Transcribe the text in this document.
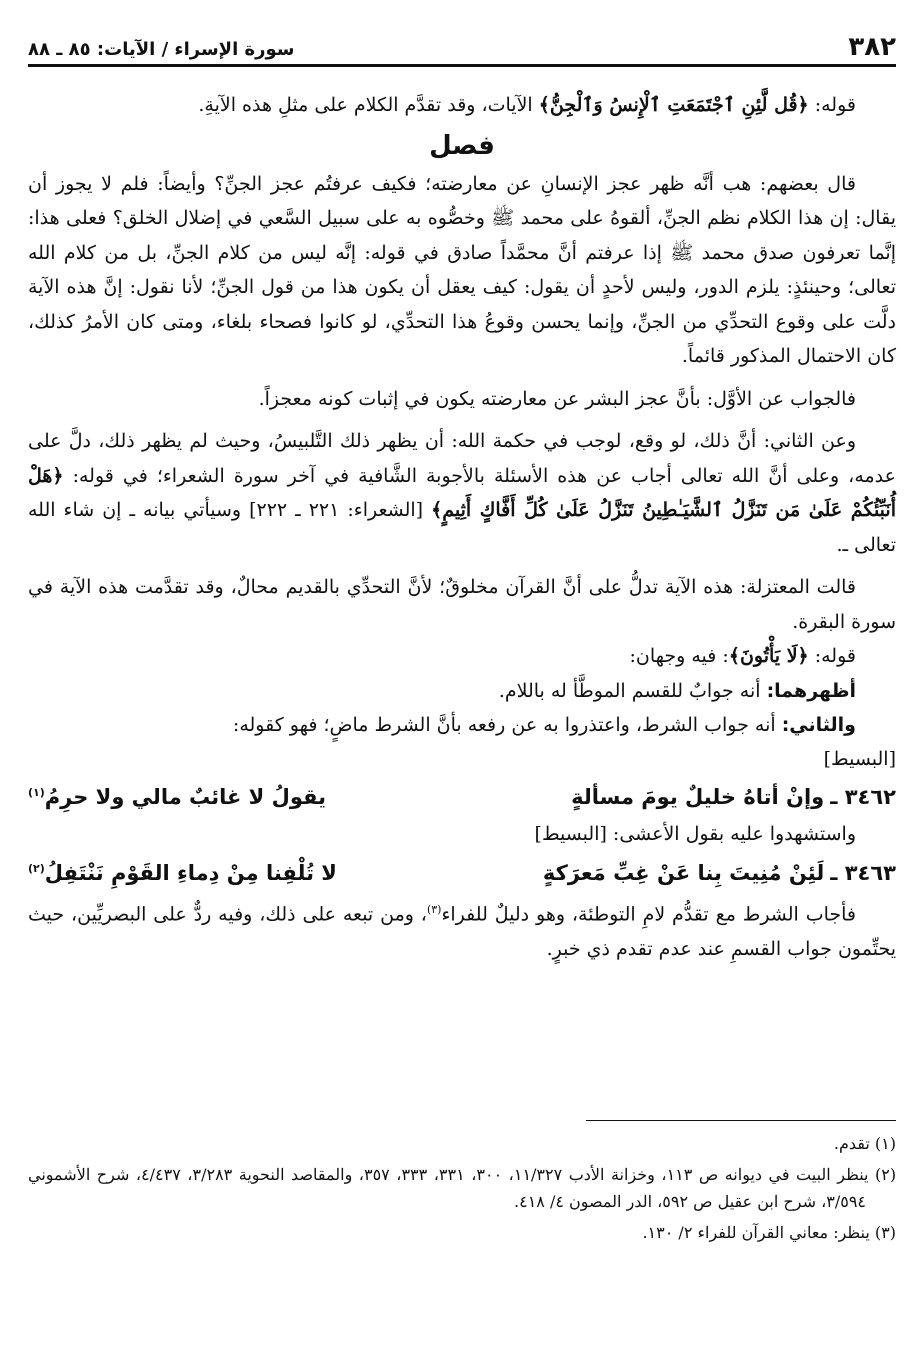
٣٨٢
سورة الإسراء / الآيات: ٨٥ ـ ٨٨

قوله: ﴿قُل لَّئِنِ ٱجْتَمَعَتِ ٱلْإِنسُ وَٱلْجِنُّ﴾ الآيات، وقد تقدَّم الكلام على مثلِ هذه الآيةِ.

فصل

قال بعضهم: هب أنَّه ظهر عجز الإنسانِ عن معارضته؛ فكيف عرفتُم عجز الجنِّ؟ وأيضاً: فلم لا يجوز أن يقال: إن هذا الكلام نظم الجنِّ، ألقوهُ على محمد ﷺ وخصُّوه به على سبيل السَّعي في إضلال الخلق؟ فعلى هذا: إنَّما تعرفون صدق محمد ﷺ إذا عرفتم أنَّ محمَّداً صادق في قوله: إنَّه ليس من كلام الجنِّ، بل من كلام الله تعالى؛ وحينئذٍ: يلزم الدور، وليس لأحدٍ أن يقول: كيف يعقل أن يكون هذا من قول الجنِّ؛ لأنا نقول: إنَّ هذه الآية دلَّت على وقوع التحدِّي من الجنِّ، وإنما يحسن وقوعُ هذا التحدِّي، لو كانوا فصحاء بلغاء، ومتى كان الأمرُ كذلك، كان الاحتمال المذكور قائماً.

فالجواب عن الأوَّل: بأنَّ عجز البشر عن معارضته يكون في إثبات كونه معجزاً.

وعن الثاني: أنَّ ذلك، لو وقع، لوجب في حكمة الله: أن يظهر ذلك التَّلبيسُ، وحيث لم يظهر ذلك، دلَّ على عدمه، وعلى أنَّ الله تعالى أجاب عن هذه الأسئلة بالأجوبة الشَّافية في آخر سورة الشعراء؛ في قوله: ﴿هَلْ أُنَبِّئُكُمْ عَلَىٰ مَن تَنَزَّلُ ٱلشَّيَـٰطِينُ تَنَزَّلُ عَلَىٰ كُلِّ أَفَّاكٍ أَثِيمٍ﴾ [الشعراء: ٢٢١ ـ ٢٢٢] وسيأتي بيانه ـ إن شاء الله تعالى ـ.

قالت المعتزلة: هذه الآية تدلُّ على أنَّ القرآن مخلوقٌ؛ لأنَّ التحدِّي بالقديم محالٌ، وقد تقدَّمت هذه الآية في سورة البقرة.

قوله: ﴿لَا يَأْتُونَ﴾: فيه وجهان:

أظهرهما: أنه جوابٌ للقسم الموطَّأ له باللام.

والثاني: أنه جواب الشرط، واعتذروا به عن رفعه بأنَّ الشرط ماضٍ؛ فهو كقوله:

[البسيط]
٣٤٦٢ ـ
وإنْ أتاهُ خليلٌ يومَ مسألةٍ
يقولُ لا غائبٌ مالي ولا حرِمُ$^{(١)}$

واستشهدوا عليه بقول الأعشى: [البسيط]

٣٤٦٣ ـ
لَئِنْ مُنِيتَ بِنا عَنْ غِبِّ مَعرَكةٍ
لا تُلْفِنا مِنْ دِماءِ القَوْمِ نَنْتَفِلُ$^{(٢)}$

فأجاب الشرط مع تقدُّم لامِ التوطئة، وهو دليلٌ للفراء$^{(٣)}$، ومن تبعه على ذلك، وفيه ردٌّ على البصريِّين، حيث يحتِّمون جواب القسمِ عند عدم تقدم ذي خبرٍ.

(١) تقدم.

(٢) ينظر البيت في ديوانه ص ١١٣، وخزانة الأدب ١١/٣٢٧، ٣٠٠، ٣٣١، ٣٣٣، ٣٥٧، والمقاصد النحوية ٣/٢٨٣، ٤/٤٣٧، شرح الأشموني ٣/٥٩٤، شرح ابن عقيل ص ٥٩٢، الدر المصون ٤/ ٤١٨.

(٣) ينظر: معاني القرآن للفراء ٢/ ١٣٠.
